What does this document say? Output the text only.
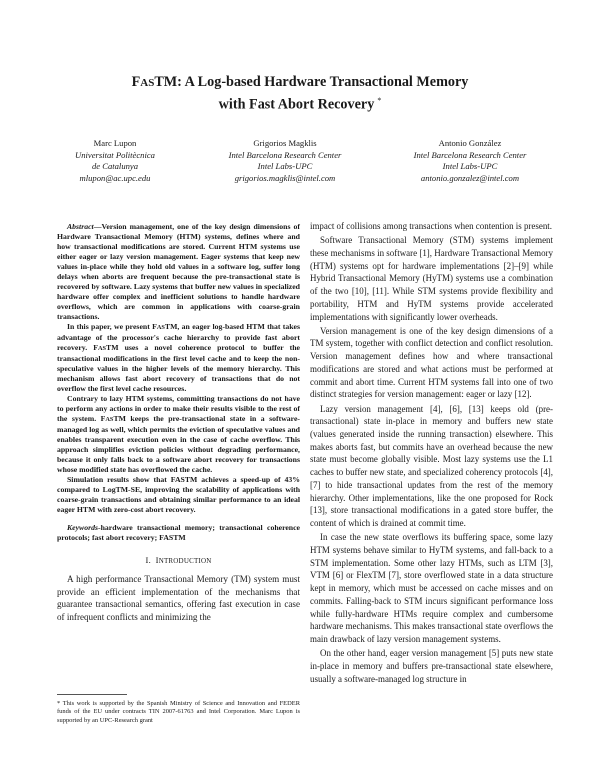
FASTM: A Log-based Hardware Transactional Memory
with Fast Abort Recovery *
Marc Lupon
Universitat Politècnica
de Catalunya
mlupon@ac.upc.edu
Grigorios Magklis
Intel Barcelona Research Center
Intel Labs-UPC
grigorios.magklis@intel.com
Antonio González
Intel Barcelona Research Center
Intel Labs-UPC
antonio.gonzalez@intel.com

Abstract—Version management, one of the key design dimensions of Hardware Transactional Memory (HTM) systems, defines where and how transactional modifications are stored. Current HTM systems use either eager or lazy version management. Eager systems that keep new values in-place while they hold old values in a software log, suffer long delays when aborts are frequent because the pre-transactional state is recovered by software. Lazy systems that buffer new values in specialized hardware offer complex and inefficient solutions to handle hardware overflows, which are common in applications with coarse-grain transactions.

In this paper, we present FASTM, an eager log-based HTM that takes advantage of the processor's cache hierarchy to provide fast abort recovery. FASTM uses a novel coherence protocol to buffer the transactional modifications in the first level cache and to keep the non-speculative values in the higher levels of the memory hierarchy. This mechanism allows fast abort recovery of transactions that do not overflow the first level cache resources.

Contrary to lazy HTM systems, committing transactions do not have to perform any actions in order to make their results visible to the rest of the system. FASTM keeps the pre-transactional state in a software-managed log as well, which permits the eviction of speculative values and enables transparent execution even in the case of cache overflow. This approach simplifies eviction policies without degrading performance, because it only falls back to a software abort recovery for transactions whose modified state has overflowed the cache.

Simulation results show that FASTM achieves a speed-up of 43% compared to LogTM-SE, improving the scalability of applications with coarse-grain transactions and obtaining similar performance to an ideal eager HTM with zero-cost abort recovery.

Keywords-hardware transactional memory; transactional coherence protocols; fast abort recovery; FASTM
I. INTRODUCTION

A high performance Transactional Memory (TM) system must provide an efficient implementation of the mechanisms that guarantee transactional semantics, offering fast execution in case of infrequent conflicts and minimizing the

* This work is supported by the Spanish Ministry of Science and Innovation and FEDER funds of the EU under contracts TIN 2007-61763 and Intel Corporation. Marc Lupon is supported by an UPC-Research grant

impact of collisions among transactions when contention is present.

Software Transactional Memory (STM) systems implement these mechanisms in software [1], Hardware Transactional Memory (HTM) systems opt for hardware implementations [2]–[9] while Hybrid Transactional Memory (HyTM) systems use a combination of the two [10], [11]. While STM systems provide flexibility and portability, HTM and HyTM systems provide accelerated implementations with significantly lower overheads.

Version management is one of the key design dimensions of a TM system, together with conflict detection and conflict resolution. Version management defines how and where transactional modifications are stored and what actions must be performed at commit and abort time. Current HTM systems fall into one of two distinct strategies for version management: eager or lazy [12].

Lazy version management [4], [6], [13] keeps old (pre-transactional) state in-place in memory and buffers new state (values generated inside the running transaction) elsewhere. This makes aborts fast, but commits have an overhead because the new state must become globally visible. Most lazy systems use the L1 caches to buffer new state, and specialized coherency protocols [4], [7] to hide transactional updates from the rest of the memory hierarchy. Other implementations, like the one proposed for Rock [13], store transactional modifications in a gated store buffer, the content of which is drained at commit time.

In case the new state overflows its buffering space, some lazy HTM systems behave similar to HyTM systems, and fall-back to a STM implementation. Some other lazy HTMs, such as LTM [3], VTM [6] or FlexTM [7], store overflowed state in a data structure kept in memory, which must be accessed on cache misses and on commits. Falling-back to STM incurs significant performance loss while fully-hardware HTMs require complex and cumbersome hardware mechanisms. This makes transactional state overflows the main drawback of lazy version management systems.

On the other hand, eager version management [5] puts new state in-place in memory and buffers pre-transactional state elsewhere, usually a software-managed log structure in
